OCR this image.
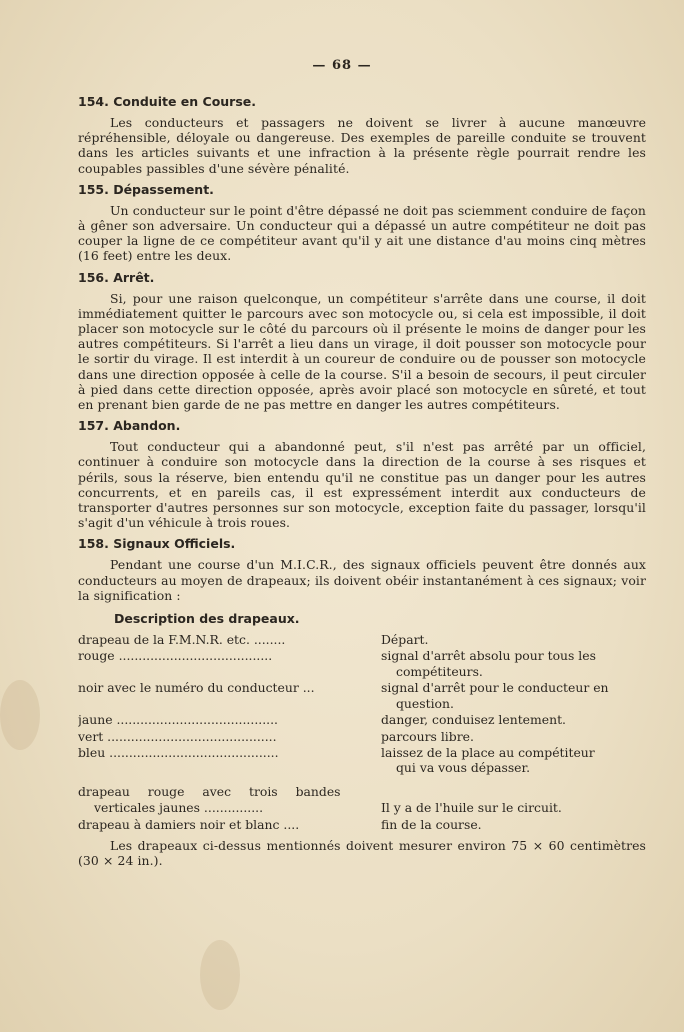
— 68 —

154. Conduite en Course.

Les conducteurs et passagers ne doivent se livrer à aucune manœuvre répréhensible, déloyale ou dangereuse. Des exemples de pareille conduite se trouvent dans les articles suivants et une infraction à la présente règle pourrait rendre les coupables passibles d'une sévère pénalité.

155. Dépassement.

Un conducteur sur le point d'être dépassé ne doit pas sciemment conduire de façon à gêner son adversaire. Un conducteur qui a dépassé un autre compétiteur ne doit pas couper la ligne de ce compétiteur avant qu'il y ait une distance d'au moins cinq mètres (16 feet) entre les deux.

156. Arrêt.

Si, pour une raison quelconque, un compétiteur s'arrête dans une course, il doit immédiatement quitter le parcours avec son motocycle ou, si cela est impossible, il doit placer son motocycle sur le côté du parcours où il présente le moins de danger pour les autres compétiteurs. Si l'arrêt a lieu dans un virage, il doit pousser son motocycle pour le sortir du virage. Il est interdit à un coureur de conduire ou de pousser son motocycle dans une direction opposée à celle de la course. S'il a besoin de secours, il peut circuler à pied dans cette direction opposée, après avoir placé son motocycle en sûreté, et tout en prenant bien garde de ne pas mettre en danger les autres compétiteurs.

157. Abandon.

Tout conducteur qui a abandonné peut, s'il n'est pas arrêté par un officiel, continuer à conduire son motocycle dans la direction de la course à ses risques et périls, sous la réserve, bien entendu qu'il ne constitue pas un danger pour les autres concurrents, et en pareils cas, il est expressément interdit aux conducteurs de transporter d'autres personnes sur son motocycle, exception faite du passager, lorsqu'il s'agit d'un véhicule à trois roues.

158. Signaux Officiels.

Pendant une course d'un M.I.C.R., des signaux officiels peuvent être donnés aux conducteurs au moyen de drapeaux; ils doivent obéir instantanément à ces signaux; voir la signification :

Description des drapeaux.

drapeau de la F.M.N.R. etc. ........	Départ.
rouge .......................................	signal d'arrêt absolu pour tous les
compétiteurs.
noir avec le numéro du conducteur ...	signal d'arrêt pour le conducteur en
question.
jaune .........................................	danger, conduisez lentement.
vert ...........................................	parcours libre.
bleu ...........................................	laissez de la place au compétiteur
qui va vous dépasser.
drapeau rouge avec trois bandes
verticales jaunes ...............	Il y a de l'huile sur le circuit.
drapeau à damiers noir et blanc ....	fin de la course.

Les drapeaux ci-dessus mentionnés doivent mesurer environ 75 × 60 centimètres (30 × 24 in.).
